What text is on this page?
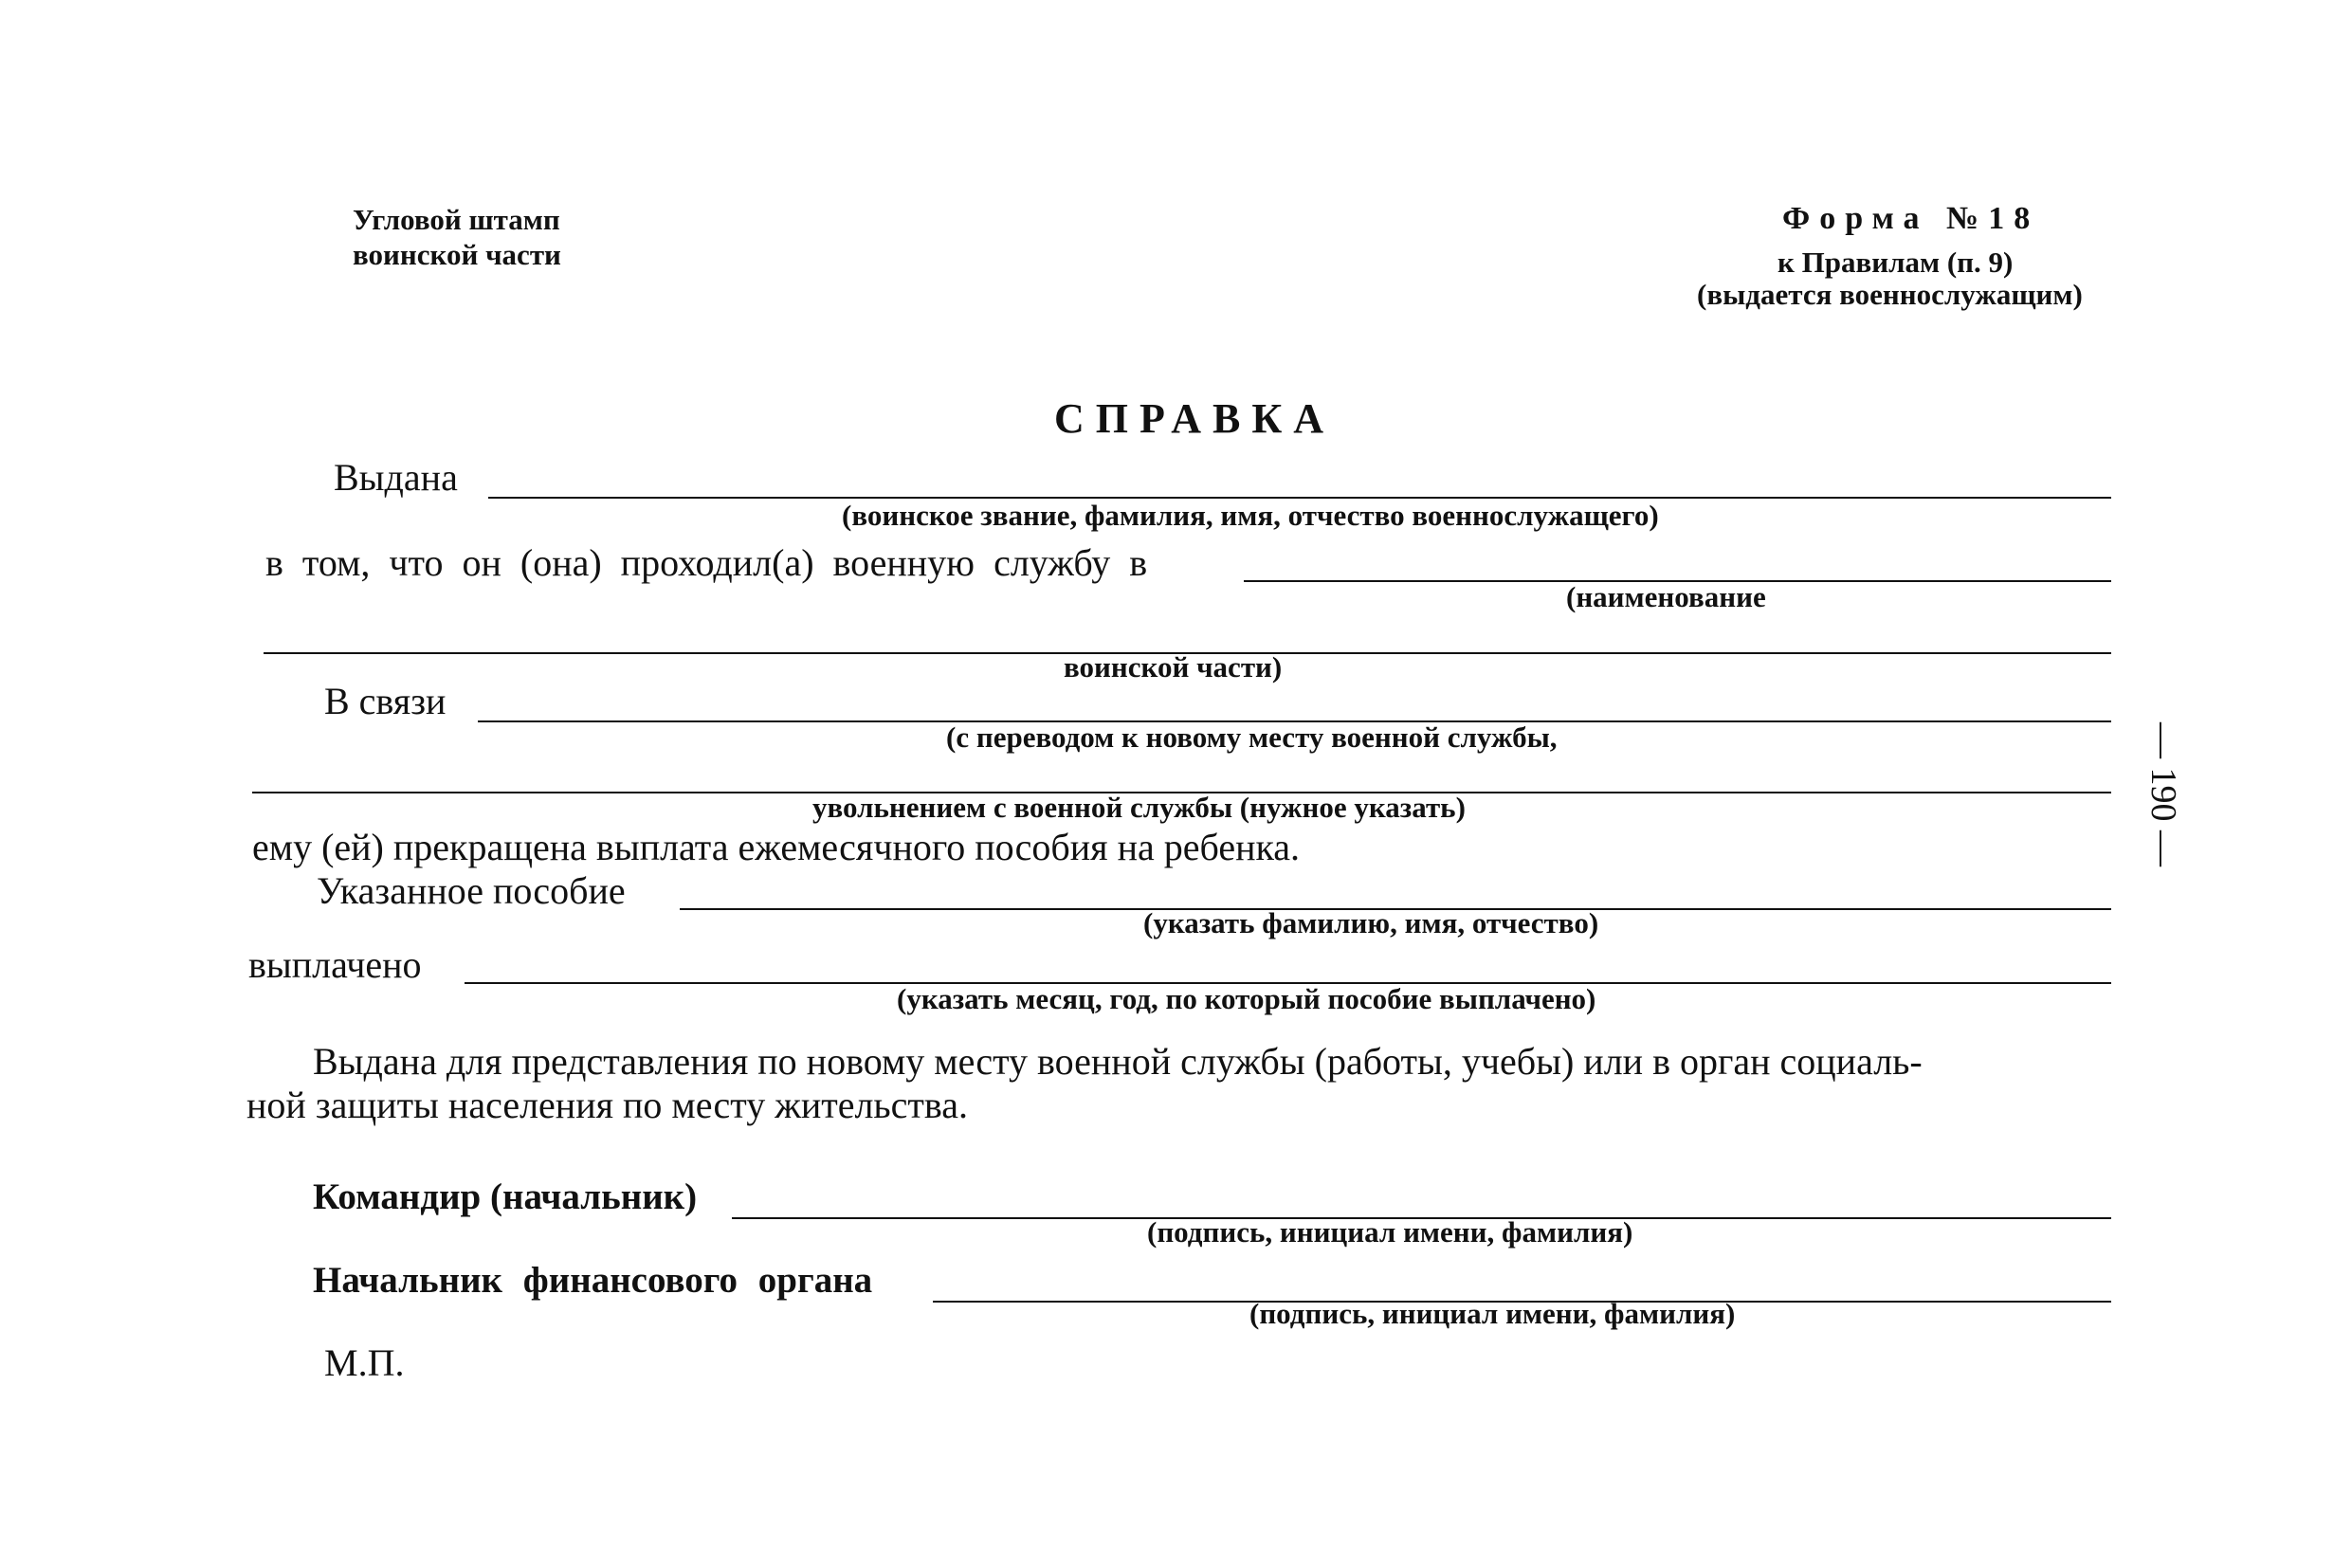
Угловой штамп
воинской части
Форма №18
к Правилам (п. 9)
(выдается военнослужащим)
СПРАВКА
Выдана
(воинское звание, фамилия, имя, отчество военнослужащего)
в том, что он (она) проходил(а) военную службу в
(наименование
воинской части)
В связи
(с переводом к новому месту военной службы,
увольнением с военной службы (нужное указать)
ему (ей) прекращена выплата ежемесячного пособия на ребенка.
Указанное пособие
(указать фамилию, имя, отчество)
выплачено
(указать месяц, год, по который пособие выплачено)
Выдана для представления по новому месту военной службы (работы, учебы) или в орган социаль-
ной защиты населения по месту жительства.
Командир (начальник)
(подпись, инициал имени, фамилия)
Начальник финансового органа
(подпись, инициал имени, фамилия)
М.П.
— 190 —
